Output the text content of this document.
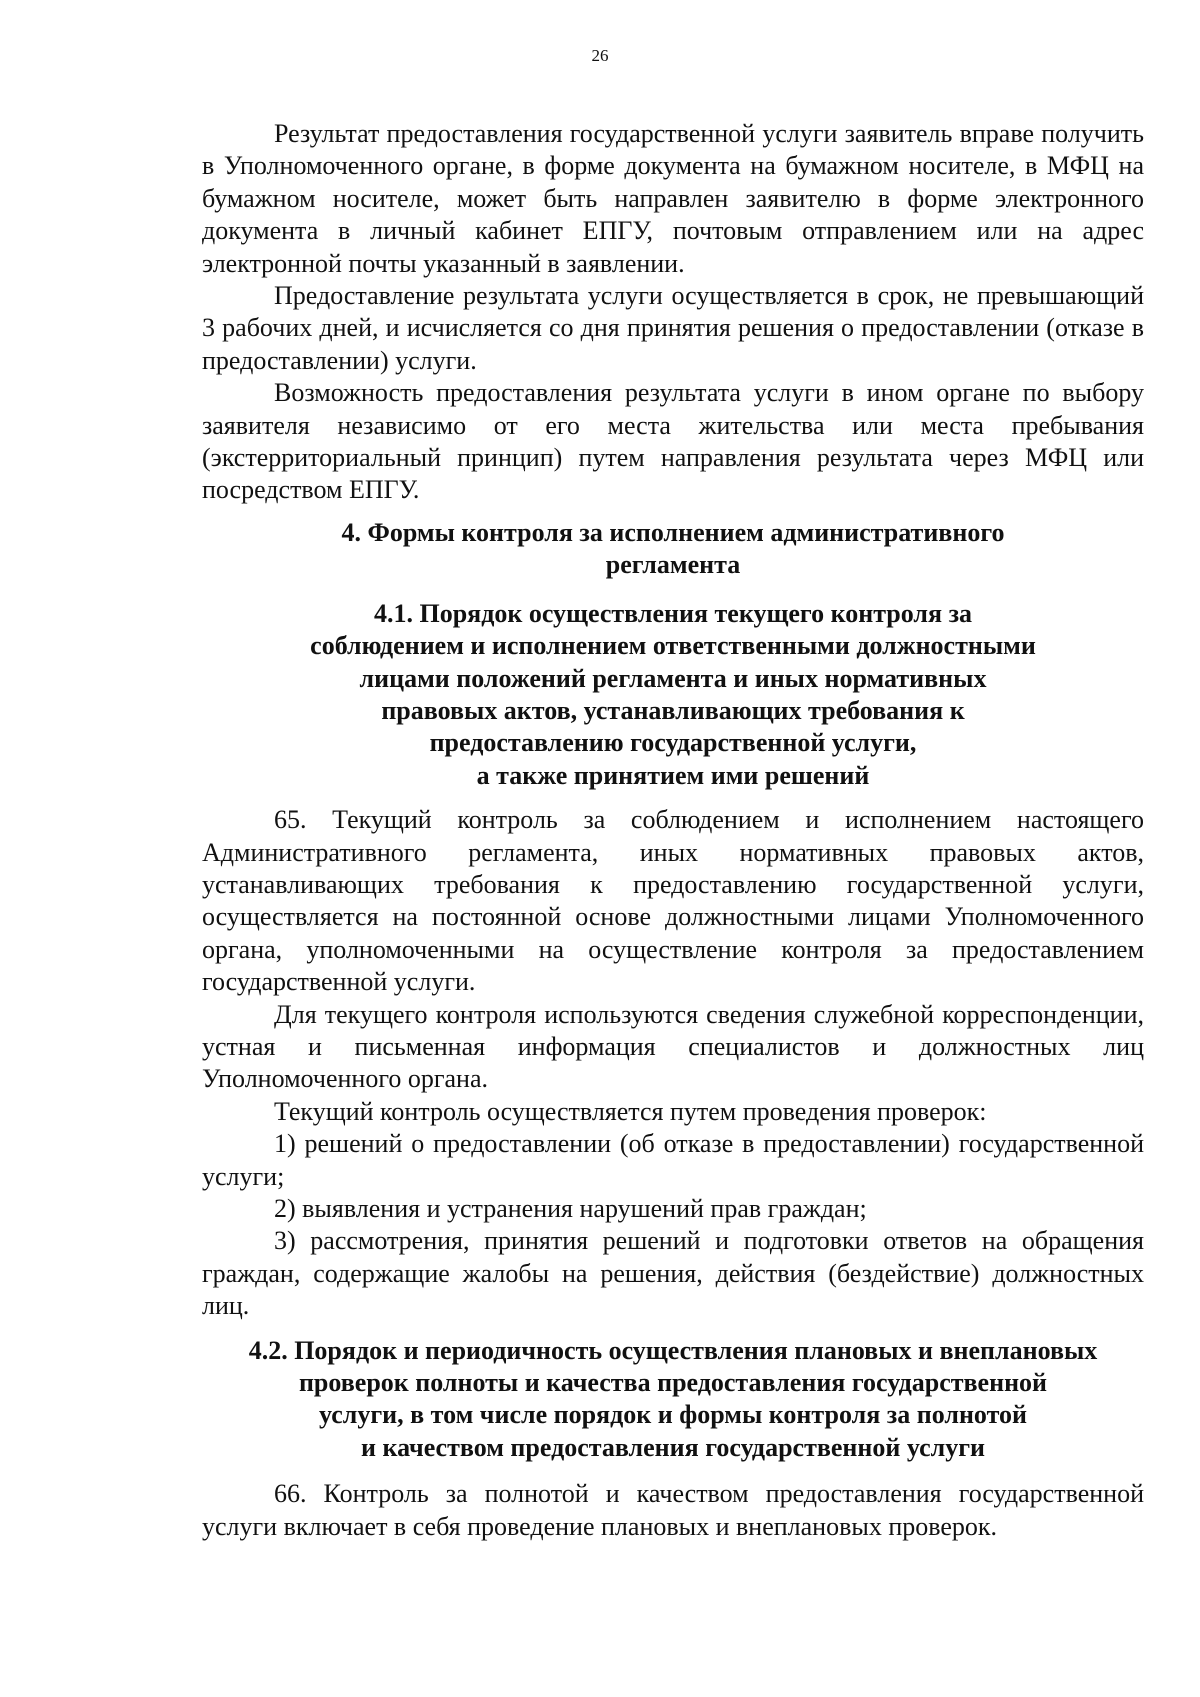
26

Результат предоставления государственной услуги заявитель вправе получить в Уполномоченного органе, в форме документа на бумажном носителе, в МФЦ на бумажном носителе, может быть направлен заявителю в форме электронного документа в личный кабинет ЕПГУ, почтовым отправлением или на адрес электронной почты указанный в заявлении.

Предоставление результата услуги осуществляется в срок, не превышающий 3 рабочих дней, и исчисляется со дня принятия решения о предоставлении (отказе в предоставлении) услуги.

Возможность предоставления результата услуги в ином органе по выбору заявителя независимо от его места жительства или места пребывания (экстерриториальный принцип) путем направления результата через МФЦ или посредством ЕПГУ.

4. Формы контроля за исполнением административного
регламента
4.1. Порядок осуществления текущего контроля за
соблюдением и исполнением ответственными должностными
лицами положений регламента и иных нормативных
правовых актов, устанавливающих требования к
предоставлению государственной услуги,
а также принятием ими решений

65. Текущий контроль за соблюдением и исполнением настоящего Административного регламента, иных нормативных правовых актов, устанавливающих требования к предоставлению государственной услуги, осуществляется на постоянной основе должностными лицами Уполномоченного органа, уполномоченными на осуществление контроля за предоставлением государственной услуги.

Для текущего контроля используются сведения служебной корреспонденции, устная и письменная информация специалистов и должностных лиц Уполномоченного органа.

Текущий контроль осуществляется путем проведения проверок:

1) решений о предоставлении (об отказе в предоставлении) государственной услуги;

2) выявления и устранения нарушений прав граждан;

3) рассмотрения, принятия решений и подготовки ответов на обращения граждан, содержащие жалобы на решения, действия (бездействие) должностных лиц.

4.2. Порядок и периодичность осуществления плановых и внеплановых
проверок полноты и качества предоставления государственной
услуги, в том числе порядок и формы контроля за полнотой
и качеством предоставления государственной услуги

66. Контроль за полнотой и качеством предоставления государственной услуги включает в себя проведение плановых и внеплановых проверок.
